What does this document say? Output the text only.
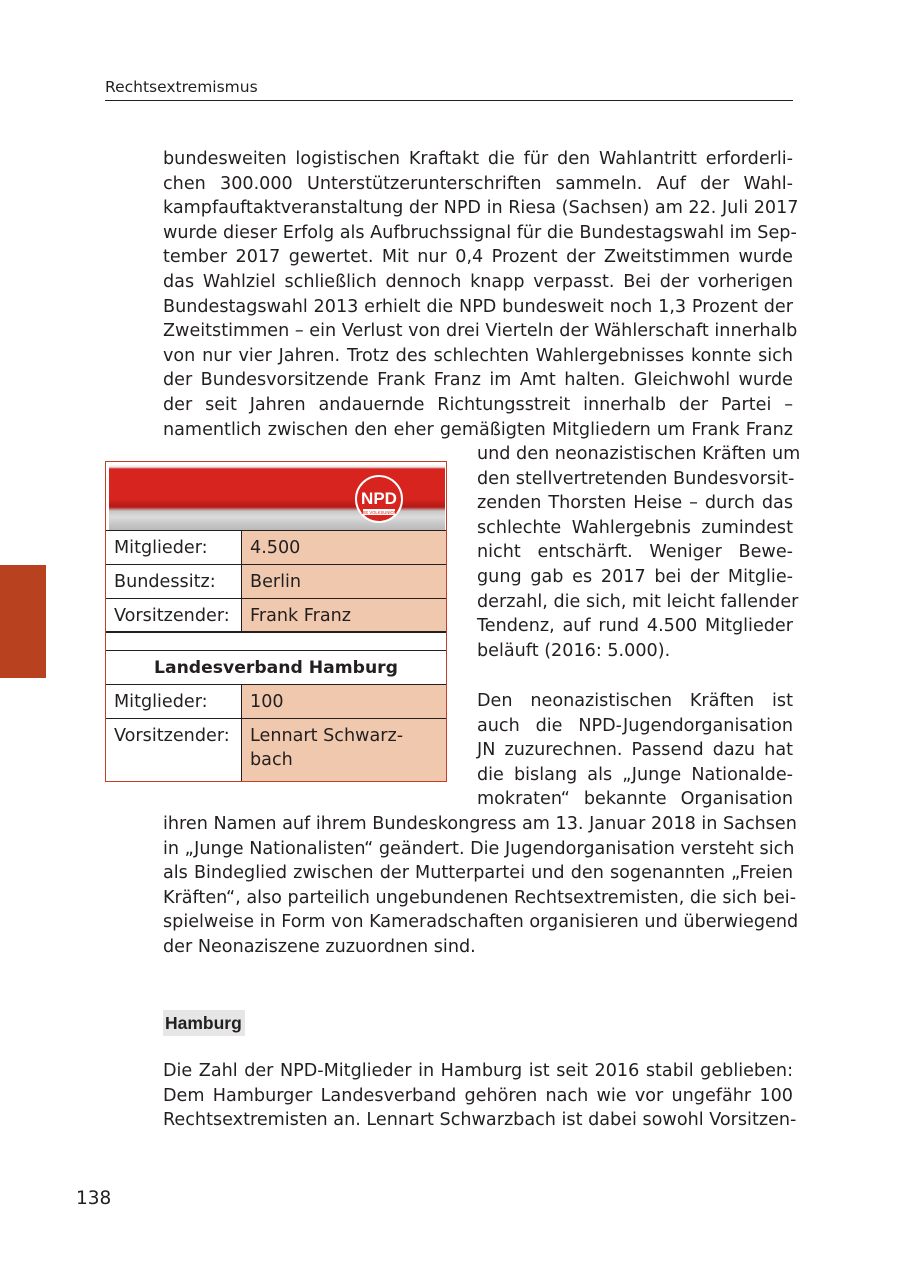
Rechtsextremismus
bundesweiten logistischen Kraftakt die für den Wahlantritt erforderli-
chen 300.000 Unterstützerunterschriften sammeln. Auf der Wahl-
kampfauftaktveranstaltung der NPD in Riesa (Sachsen) am 22. Juli 2017
wurde dieser Erfolg als Aufbruchssignal für die Bundestagswahl im Sep-
tember 2017 gewertet. Mit nur 0,4 Prozent der Zweitstimmen wurde
das Wahlziel schließlich dennoch knapp verpasst. Bei der vorherigen
Bundestagswahl 2013 erhielt die NPD bundesweit noch 1,3 Prozent der
Zweitstimmen – ein Verlust von drei Vierteln der Wählerschaft innerhalb
von nur vier Jahren. Trotz des schlechten Wahlergebnisses konnte sich
der Bundesvorsitzende Frank Franz im Amt halten. Gleichwohl wurde
der seit Jahren andauernde Richtungsstreit innerhalb der Partei –
namentlich zwischen den eher gemäßigten Mitgliedern um Frank Franz
und den neonazistischen Kräften um
den stellvertretenden Bundesvorsit-
zenden Thorsten Heise – durch das
schlechte Wahlergebnis zumindest
nicht entschärft. Weniger Bewe-
gung gab es 2017 bei der Mitglie-
derzahl, die sich, mit leicht fallender
Tendenz, auf rund 4.500 Mitglieder
beläuft (2016: 5.000).
Den neonazistischen Kräften ist
auch die NPD-Jugendorganisation
JN zuzurechnen. Passend dazu hat
die bislang als „Junge Nationalde-
mokraten“ bekannte Organisation
ihren Namen auf ihrem Bundeskongress am 13. Januar 2018 in Sachsen
in „Junge Nationalisten“ geändert. Die Jugendorganisation versteht sich
als Bindeglied zwischen der Mutterpartei und den sogenannten „Freien
Kräften“, also parteilich ungebundenen Rechtsextremisten, die sich bei-
spielweise in Form von Kameradschaften organisieren und überwiegend
der Neonaziszene zuzuordnen sind.
NPD
DIE VOLKSUNION
Mitglieder:	4.500
Bundessitz:	Berlin
Vorsitzender:	Frank Franz
Landesverband Hamburg
Mitglieder:	100
Vorsitzender:	Lennart Schwarz-
bach
Hamburg
Die Zahl der NPD-Mitglieder in Hamburg ist seit 2016 stabil geblieben:
Dem Hamburger Landesverband gehören nach wie vor ungefähr 100
Rechtsextremisten an. Lennart Schwarzbach ist dabei sowohl Vorsitzen-
138
